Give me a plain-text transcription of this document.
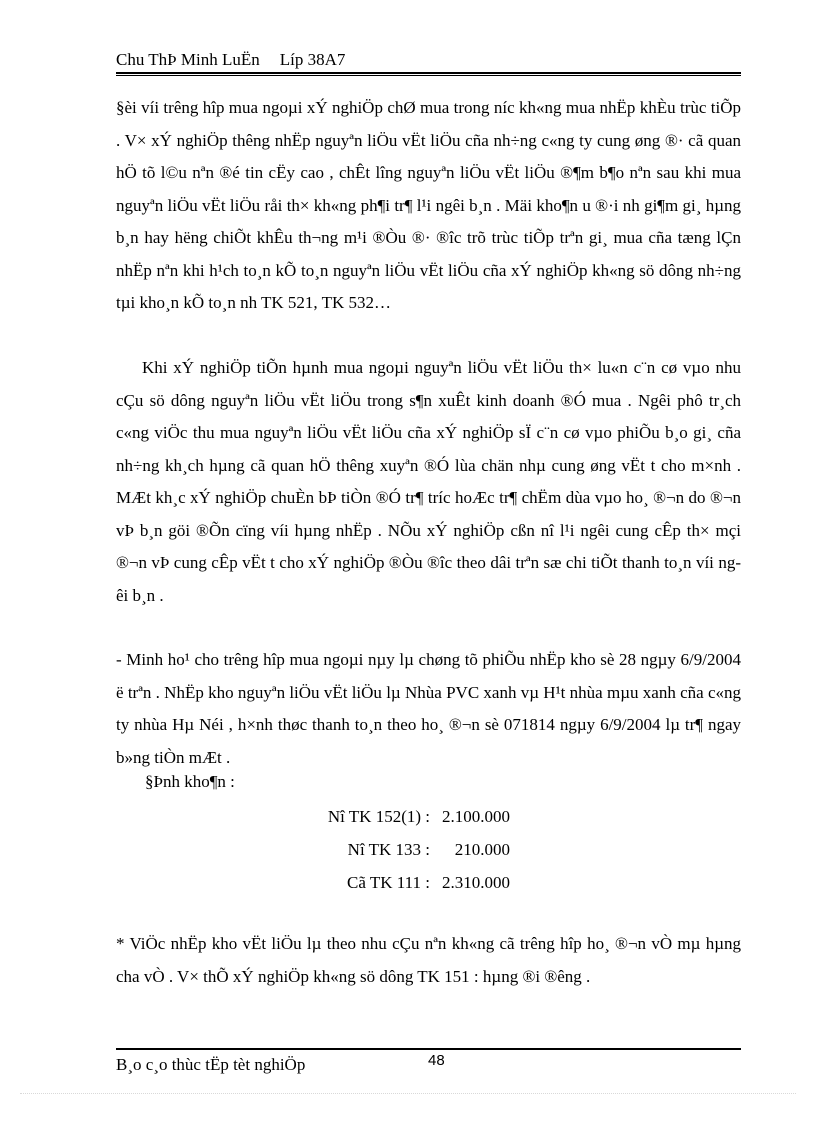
Chu ThÞ Minh LuËn Líp 38A7

§èi víi trêng hîp mua ngoµi xÝ nghiÖp chØ mua trong níc kh«ng mua nhËp khÈu trùc tiÕp . V× xÝ nghiÖp thêng nhËp nguyªn liÖu vËt liÖu cña nh÷ng c«ng ty cung øng ®· cã quan hÖ tõ l©u nªn ®é tin cËy cao , chÊt lîng nguyªn liÖu vËt liÖu ®¶m b¶o nªn sau khi mua nguyªn liÖu vËt liÖu råi th× kh«ng ph¶i tr¶ l¹i ngêi b¸n . Mäi kho¶n u ®·i nh gi¶m gi¸ hµng b¸n hay hëng chiÕt khÊu th¬ng m¹i ®Òu ®· ®îc trõ trùc tiÕp trªn gi¸ mua cña tæng lÇn nhËp nªn khi h¹ch to¸n kÕ to¸n nguyªn liÖu vËt liÖu cña xÝ nghiÖp kh«ng sö dông nh÷ng tµi kho¸n kÕ to¸n nh TK 521, TK 532…

Khi xÝ nghiÖp tiÕn hµnh mua ngoµi nguyªn liÖu vËt liÖu th× lu«n c¨n cø vµo nhu cÇu sö dông nguyªn liÖu vËt liÖu trong s¶n xuÊt kinh doanh ®Ó mua . Ngêi phô tr¸ch c«ng viÖc thu mua nguyªn liÖu vËt liÖu cña xÝ nghiÖp sÏ c¨n cø vµo phiÕu b¸o gi¸ cña nh÷ng kh¸ch hµng cã quan hÖ thêng xuyªn ®Ó lùa chän nhµ cung øng vËt t cho m×nh . MÆt kh¸c xÝ nghiÖp chuÈn bÞ tiÒn ®Ó tr¶ tríc hoÆc tr¶ chËm dùa vµo ho¸ ®¬n do ®¬n vÞ b¸n göi ®Õn cïng víi hµng nhËp . NÕu xÝ nghiÖp cßn nî l¹i ngêi cung cÊp th× mçi ®¬n vÞ cung cÊp vËt t cho xÝ nghiÖp ®Òu ®îc theo dâi trªn sæ chi tiÕt thanh to¸n víi ngêi b¸n .

- Minh ho¹ cho trêng hîp mua ngoµi nµy lµ chøng tõ phiÕu nhËp kho sè 28 ngµy 6/9/2004 ë trªn . NhËp kho nguyªn liÖu vËt liÖu lµ Nhùa PVC xanh vµ H¹t nhùa mµu xanh cña c«ng ty nhùa Hµ Néi , h×nh thøc thanh to¸n theo ho¸ ®¬n sè 071814 ngµy 6/9/2004 lµ tr¶ ngay b»ng tiÒn mÆt .

§Þnh kho¶n :

Nî TK 152(1) : 2.100.000
Nî TK 133 : 210.000
Cã TK 111 : 2.310.000

* ViÖc nhËp kho vËt liÖu lµ theo nhu cÇu nªn kh«ng cã trêng hîp ho¸ ®¬n vÒ mµ hµng cha vÒ . V× thÕ xÝ nghiÖp kh«ng sö dông TK 151 : hµng ®i ®êng .

B¸o c¸o thùc tËp tèt nghiÖp	48
